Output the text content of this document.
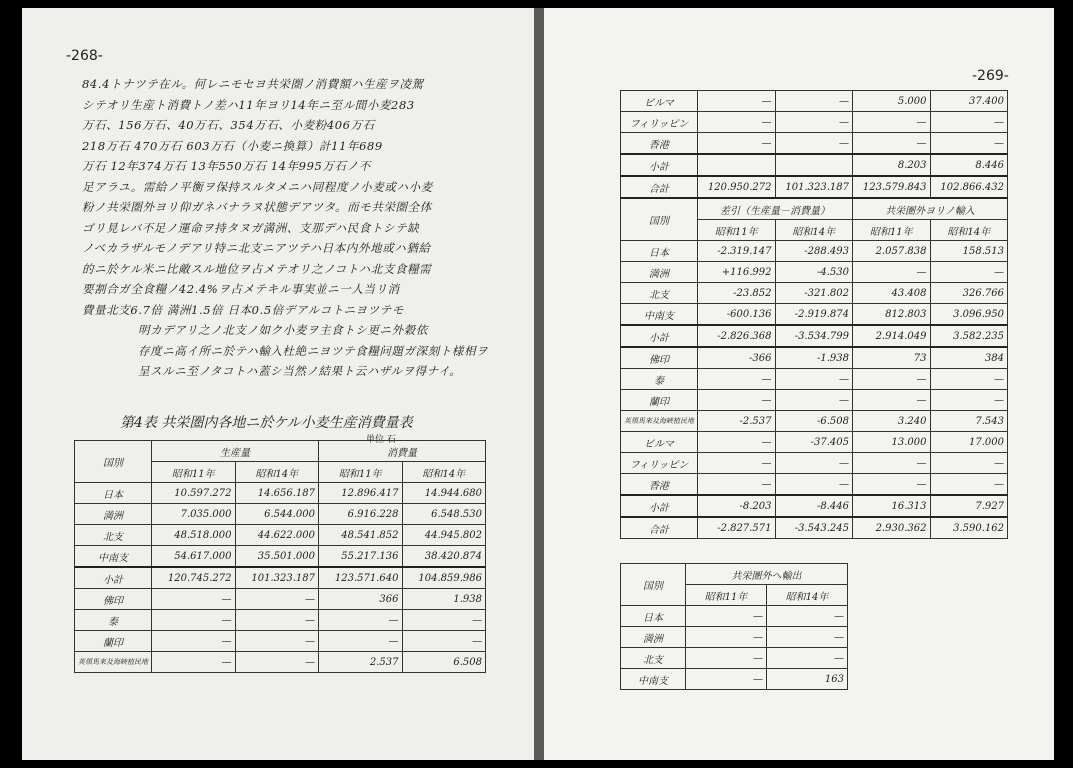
-268-
84.4トナツテ在ル。何レニモセヨ共栄圏ノ消費額ハ生産ヲ凌駕
シテオリ生産ト消費トノ差ハ11年ヨリ14年ニ至ル間小麦283
万石、156万石、40万石、354万石、小麦粉406万石
218万石 470万石 603万石（小麦ニ換算）計11年689
万石 12年374万石 13年550万石 14年995万石ノ不
足アラユ。需給ノ平衡ヲ保持スルタメニハ同程度ノ小麦或ハ小麦
粉ノ共栄圏外ヨリ仰ガネバナラヌ状態デアツタ。而モ共栄圏全体
ゴリ見レバ不足ノ運命ヲ持タヌガ満洲、支那デハ民食トシテ缺
ノベカラザルモノデアリ特ニ北支ニアツテハ日本内外地或ハ猶給
的ニ於ケル米ニ比敵スル地位ヲ占メテオリ之ノコトハ北支食糧需
要割合ガ全食糧ノ42.4%ヲ占メテキル事実並ニ一人当リ消
費量北支6.7倍 満洲1.5倍 日本0.5倍デアルコトニヨツテモ
明カデアリ之ノ北支ノ如ク小麦ヲ主食トシ更ニ外穀依
存度ニ高イ所ニ於テハ輸入杜絶ニヨツテ食糧问題ガ深刻ト様相ヲ
呈スルニ至ノタコトハ蓋シ当然ノ結果ト云ハザルヲ得ナイ。
第4表 共栄圏内各地ニ於ケル小麦生産消費量表
単位 石
国別	生産量		消費量	
	昭和11年	昭和14年	昭和11年	昭和14年
日本	10.597.272	14.656.187	12.896.417	14.944.680
満洲	7.035.000	6.544.000	6.916.228	6.548.530
北支	48.518.000	44.622.000	48.541.852	44.945.802
中南支	54.617.000	35.501.000	55.217.136	38.420.874
小計	120.745.272	101.323.187	123.571.640	104.859.986
佛印	—	—	366	1.938
泰	—	—	—	—
蘭印	—	—	—	—
英領馬來及海峡植民地	—	—	2.537	6.508
-269-
ビルマ	—	—	5.000	37.400
フィリッピン	—	—	—	—
香港	—	—	—	—
小計			8.203	8.446
合計	120.950.272	101.323.187	123.579.843	102.866.432
国別	差引（生産量－消費量）		共栄圏外ヨリノ輸入	
	昭和11年	昭和14年	昭和11年	昭和14年
日本	-2.319.147	-288.493	2.057.838	158.513
満洲	+116.992	-4.530	—	—
北支	-23.852	-321.802	43.408	326.766
中南支	-600.136	-2.919.874	812.803	3.096.950
小計	-2.826.368	-3.534.799	2.914.049	3.582.235
佛印	-366	-1.938	73	384
泰	—	—	—	—
蘭印	—	—	—	—
英領馬來及海峡植民地	-2.537	-6.508	3.240	7.543
ビルマ	—	-37.405	13.000	17.000
フィリッピン	—	—	—	—
香港	—	—	—	—
小計	-8.203	-8.446	16.313	7.927
合計	-2.827.571	-3.543.245	2.930.362	3.590.162
国別	共栄圏外ヘ輸出	
	昭和11年	昭和14年
日本	—	—
満洲	—	—
北支	—	—
中南支	—	163
